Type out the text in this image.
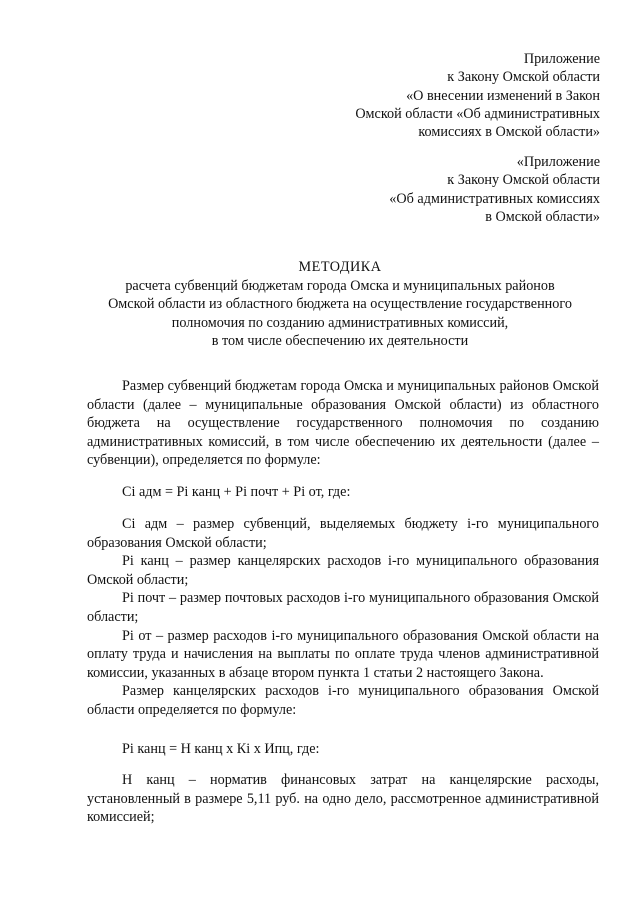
Приложение
к Закону Омской области
«О внесении изменений в Закон
Омской области «Об административных
комиссиях в Омской области»
«Приложение
к Закону Омской области
«Об административных комиссиях
в Омской области»
МЕТОДИКА
расчета субвенций бюджетам города Омска и муниципальных районов
Омской области из областного бюджета на осуществление государственного
полномочия по созданию административных комиссий,
в том числе обеспечению их деятельности

Размер субвенций бюджетам города Омска и муниципальных районов Омской области (далее – муниципальные образования Омской области) из областного бюджета на осуществление государственного полномочия по созданию административных комиссий, в том числе обеспечению их деятельности (далее – субвенции), определяется по формуле:

Сi адм = Рi канц + Рi почт + Рi от, где:

Сi адм – размер субвенций, выделяемых бюджету i-го муниципального образования Омской области;

Рi канц – размер канцелярских расходов i-го муниципального образования Омской области;

Рi почт – размер почтовых расходов i-го муниципального образования Омской области;

Рi от – размер расходов i-го муниципального образования Омской области на оплату труда и начисления на выплаты по оплате труда членов административной комиссии, указанных в абзаце втором пункта 1 статьи 2 настоящего Закона.

Размер канцелярских расходов i-го муниципального образования Омской области определяется по формуле:

Рi канц = Н канц х Кi х Ипц, где:

Н канц – норматив финансовых затрат на канцелярские расходы, установленный в размере 5,11 руб. на одно дело, рассмотренное административной комиссией;
